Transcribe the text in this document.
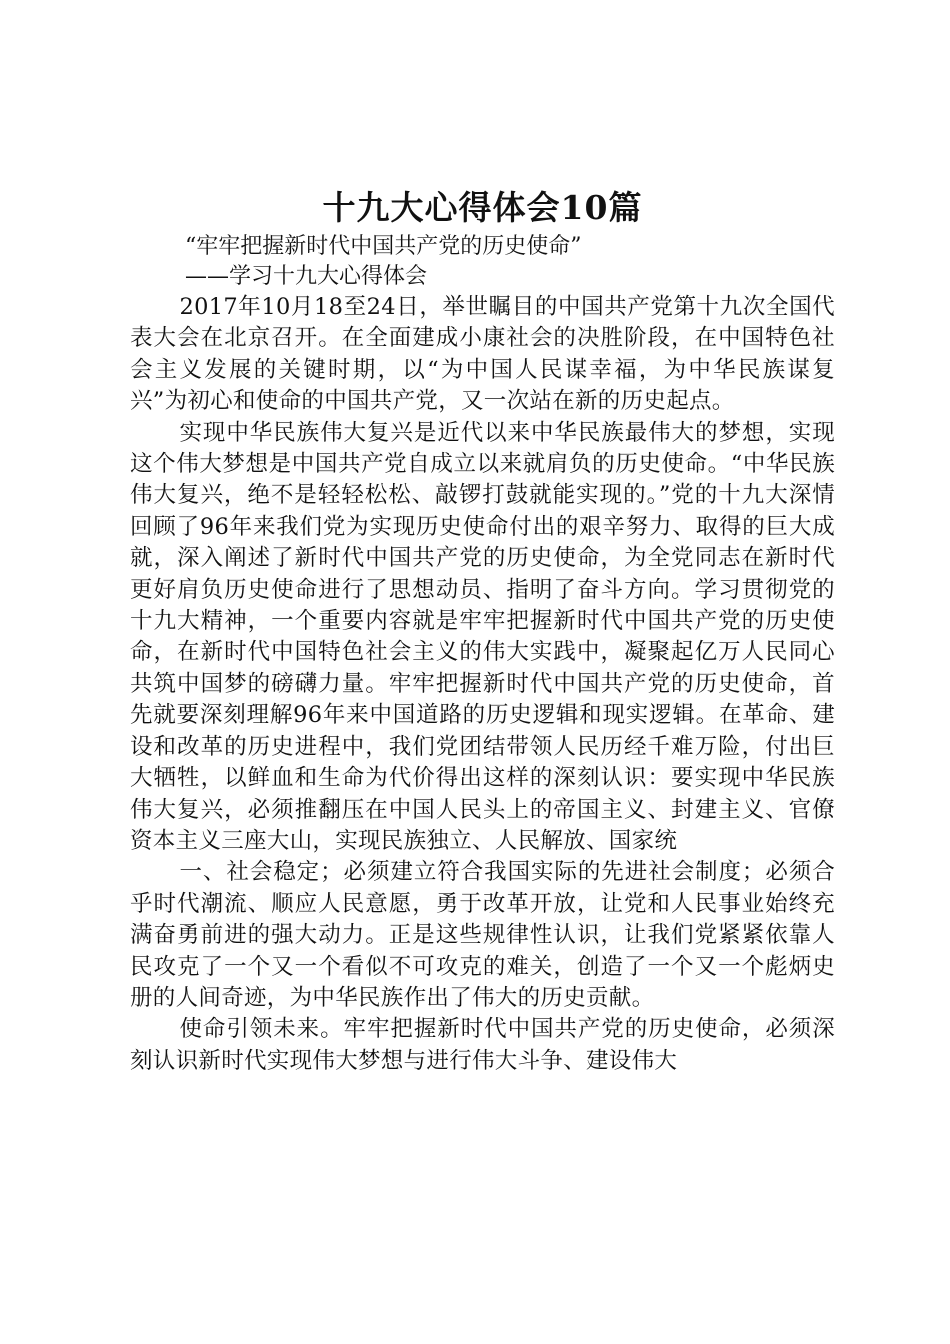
十九大心得体会10篇

“牢牢把握新时代中国共产党的历史使命”

——学习十九大心得体会

2017年10月18至24日，举世瞩目的中国共产党第十九次全国代表大会在北京召开。在全面建成小康社会的决胜阶段，在中国特色社会主义发展的关键时期，以“为中国人民谋幸福，为中华民族谋复兴”为初心和使命的中国共产党，又一次站在新的历史起点。

实现中华民族伟大复兴是近代以来中华民族最伟大的梦想，实现这个伟大梦想是中国共产党自成立以来就肩负的历史使命。“中华民族伟大复兴，绝不是轻轻松松、敲锣打鼓就能实现的。”党的十九大深情回顾了96年来我们党为实现历史使命付出的艰辛努力、取得的巨大成就，深入阐述了新时代中国共产党的历史使命，为全党同志在新时代更好肩负历史使命进行了思想动员、指明了奋斗方向。学习贯彻党的十九大精神，一个重要内容就是牢牢把握新时代中国共产党的历史使命，在新时代中国特色社会主义的伟大实践中，凝聚起亿万人民同心共筑中国梦的磅礴力量。牢牢把握新时代中国共产党的历史使命，首先就要深刻理解96年来中国道路的历史逻辑和现实逻辑。在革命、建设和改革的历史进程中，我们党团结带领人民历经千难万险，付出巨大牺牲，以鲜血和生命为代价得出这样的深刻认识：要实现中华民族伟大复兴，必须推翻压在中国人民头上的帝国主义、封建主义、官僚资本主义三座大山，实现民族独立、人民解放、国家统

一、社会稳定；必须建立符合我国实际的先进社会制度；必须合乎时代潮流、顺应人民意愿，勇于改革开放，让党和人民事业始终充满奋勇前进的强大动力。正是这些规律性认识，让我们党紧紧依靠人民攻克了一个又一个看似不可攻克的难关，创造了一个又一个彪炳史册的人间奇迹，为中华民族作出了伟大的历史贡献。

使命引领未来。牢牢把握新时代中国共产党的历史使命，必须深刻认识新时代实现伟大梦想与进行伟大斗争、建设伟大
